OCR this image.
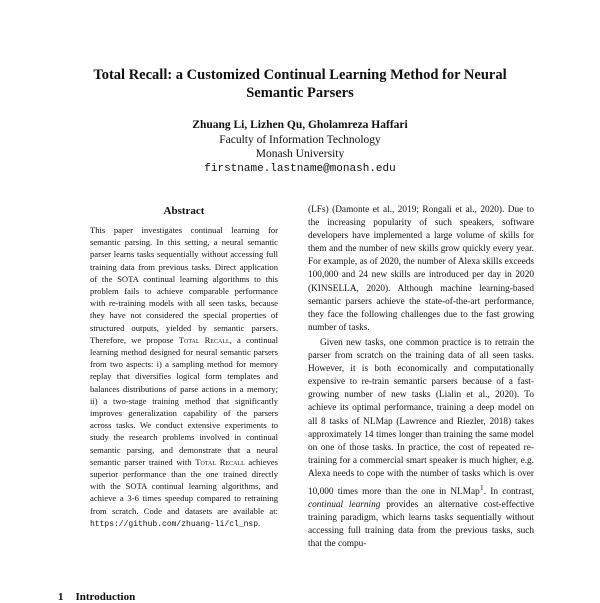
Total Recall: a Customized Continual Learning Method for Neural
Semantic Parsers
Zhuang Li, Lizhen Qu, Gholamreza Haffari
Faculty of Information Technology
Monash University
firstname.lastname@monash.edu
Abstract
This paper investigates continual learning for semantic parsing. In this setting, a neural semantic parser learns tasks sequentially without accessing full training data from previous tasks. Direct application of the SOTA continual learning algorithms to this problem fails to achieve comparable performance with re-training models with all seen tasks, because they have not considered the special properties of structured outputs, yielded by semantic parsers. Therefore, we propose Total Recall, a continual learning method designed for neural semantic parsers from two aspects: i) a sampling method for memory replay that diversifies logical form templates and balances distributions of parse actions in a memory; ii) a two-stage training method that significantly improves generalization capability of the parsers across tasks. We conduct extensive experiments to study the research problems involved in continual semantic parsing, and demonstrate that a neural semantic parser trained with Total Recall achieves superior performance than the one trained directly with the SOTA continual learning algorithms, and achieve a 3-6 times speedup compared to retraining from scratch. Code and datasets are available at: https://github.com/zhuang-li/cl_nsp.

(LFs) (Damonte et al., 2019; Rongali et al., 2020). Due to the increasing popularity of such speakers, software developers have implemented a large volume of skills for them and the number of new skills grow quickly every year. For example, as of 2020, the number of Alexa skills exceeds 100,000 and 24 new skills are introduced per day in 2020 (KINSELLA, 2020). Although machine learning-based semantic parsers achieve the state-of-the-art performance, they face the following challenges due to the fast growing number of tasks.

Given new tasks, one common practice is to retrain the parser from scratch on the training data of all seen tasks. However, it is both economically and computationally expensive to re-train semantic parsers because of a fast-growing number of new tasks (Lialin et al., 2020). To achieve its optimal performance, training a deep model on all 8 tasks of NLMap (Lawrence and Riezler, 2018) takes approximately 14 times longer than training the same model on one of those tasks. In practice, the cost of repeated re-training for a commercial smart speaker is much higher, e.g. Alexa needs to cope with the number of tasks which is over 10,000 times more than the one in NLMap$^1$. In contrast, continual learning provides an alternative cost-effective training paradigm, which learns tasks sequentially without accessing full training data from the previous tasks, such that the compu-

1 Introduction
